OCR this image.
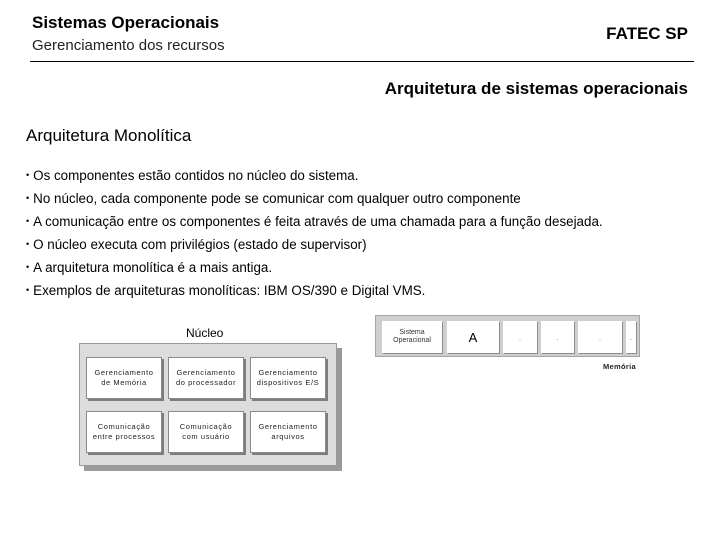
Sistemas Operacionais
Gerenciamento dos recursos
FATEC SP
Arquitetura de sistemas operacionais
Arquitetura Monolítica
• Os componentes estão contidos no núcleo do sistema.
• No núcleo, cada componente pode se comunicar com qualquer outro componente
• A comunicação entre os componentes é feita através de uma chamada para a função desejada.
• O núcleo executa com privilégios (estado de supervisor)
• A arquitetura monolítica é a mais antiga.
• Exemplos de arquiteturas monolíticas: IBM OS/390 e Digital VMS.
Núcleo
Gerenciamento de Memória
Gerenciamento do processador
Gerenciamento dispositivos E/S
Comunicação entre processos
Comunicação com usuário
Gerenciamento arquivos
Sistema Operacional	A	.	.	.	.
Memória
